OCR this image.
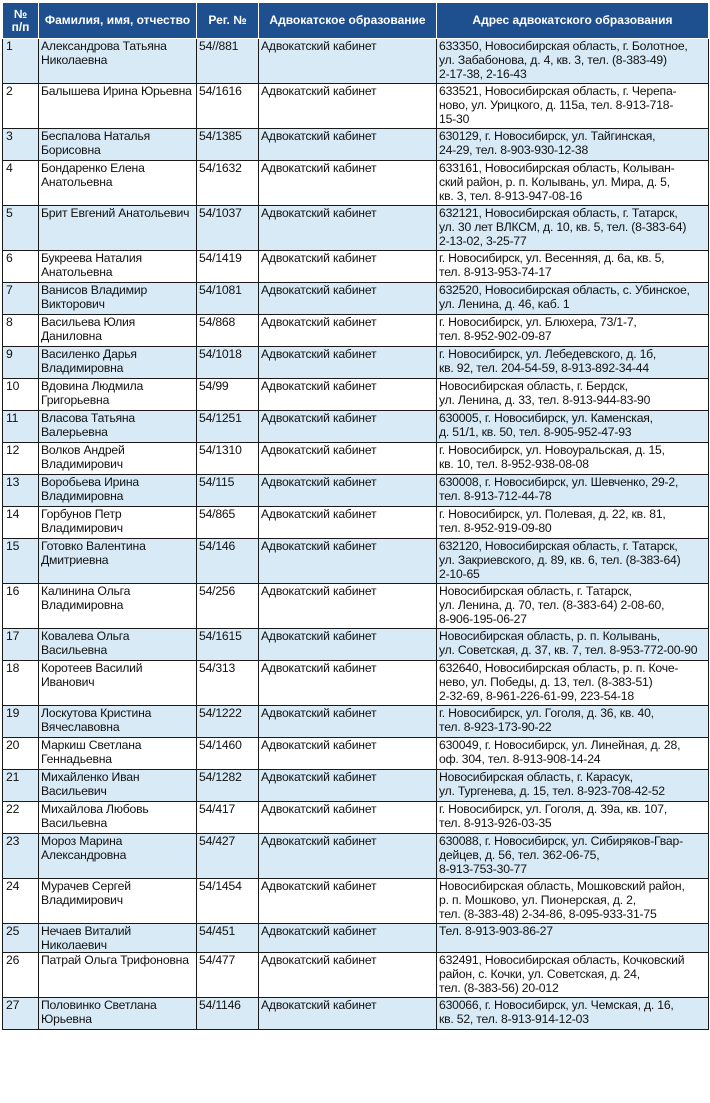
№
п/п	Фамилия, имя, отчество	Рег. №	Адвокатское образование	Адрес адвокатского образования
1	Александрова Татьяна
Николаевна	54//881	Адвокатский кабинет	633350, Новосибирская область, г. Болотное,
ул. Забабонова, д. 4, кв. 3, тел. (8-383-49)
2-17-38, 2-16-43
2	Балышева Ирина Юрьевна	54/1616	Адвокатский кабинет	633521, Новосибирская область, г. Черепа-
ново, ул. Урицкого, д. 115а, тел. 8-913-718-
15-30
3	Беспалова Наталья
Борисовна	54/1385	Адвокатский кабинет	630129, г. Новосибирск, ул. Тайгинская,
24-29, тел. 8-903-930-12-38
4	Бондаренко Елена
Анатольевна	54/1632	Адвокатский кабинет	633161, Новосибирская область, Колыван-
ский район, р. п. Колывань, ул. Мира, д. 5,
кв. 3, тел. 8-913-947-08-16
5	Брит Евгений Анатольевич	54/1037	Адвокатский кабинет	632121, Новосибирская область, г. Татарск,
ул. 30 лет ВЛКСМ, д. 10, кв. 5, тел. (8-383-64)
2-13-02, 3-25-77
6	Букреева Наталия
Анатольевна	54/1419	Адвокатский кабинет	г. Новосибирск, ул. Весенняя, д. 6а, кв. 5,
тел. 8-913-953-74-17
7	Ванисов Владимир
Викторович	54/1081	Адвокатский кабинет	632520, Новосибирская область, с. Убинское,
ул. Ленина, д. 46, каб. 1
8	Васильева Юлия
Даниловна	54/868	Адвокатский кабинет	г. Новосибирск, ул. Блюхера, 73/1-7,
тел. 8-952-902-09-87
9	Василенко Дарья
Владимировна	54/1018	Адвокатский кабинет	г. Новосибирск, ул. Лебедевского, д. 1б,
кв. 92, тел. 204-54-59, 8-913-892-34-44
10	Вдовина Людмила
Григорьевна	54/99	Адвокатский кабинет	Новосибирская область, г. Бердск,
ул. Ленина, д. 33, тел. 8-913-944-83-90
11	Власова Татьяна
Валерьевна	54/1251	Адвокатский кабинет	630005, г. Новосибирск, ул. Каменская,
д. 51/1, кв. 50, тел. 8-905-952-47-93
12	Волков Андрей
Владимирович	54/1310	Адвокатский кабинет	г. Новосибирск, ул. Новоуральская, д. 15,
кв. 10, тел. 8-952-938-08-08
13	Воробьева Ирина
Владимировна	54/115	Адвокатский кабинет	630008, г. Новосибирск, ул. Шевченко, 29-2,
тел. 8-913-712-44-78
14	Горбунов Петр
Владимирович	54/865	Адвокатский кабинет	г. Новосибирск, ул. Полевая, д. 22, кв. 81,
тел. 8-952-919-09-80
15	Готовко Валентина
Дмитриевна	54/146	Адвокатский кабинет	632120, Новосибирская область, г. Татарск,
ул. Закриевского, д. 89, кв. 6, тел. (8-383-64)
2-10-65
16	Калинина Ольга
Владимировна	54/256	Адвокатский кабинет	Новосибирская область, г. Татарск,
ул. Ленина, д. 70, тел. (8-383-64) 2-08-60,
8-906-195-06-27
17	Ковалева Ольга
Васильевна	54/1615	Адвокатский кабинет	Новосибирская область, р. п. Колывань,
ул. Советская, д. 37, кв. 7, тел. 8-953-772-00-90
18	Коротеев Василий
Иванович	54/313	Адвокатский кабинет	632640, Новосибирская область, р. п. Коче-
нево, ул. Победы, д. 13, тел. (8-383-51)
2-32-69, 8-961-226-61-99, 223-54-18
19	Лоскутова Кристина
Вячеславовна	54/1222	Адвокатский кабинет	г. Новосибирск, ул. Гоголя, д. 36, кв. 40,
тел. 8-923-173-90-22
20	Маркиш Светлана
Геннадьевна	54/1460	Адвокатский кабинет	630049, г. Новосибирск, ул. Линейная, д. 28,
оф. 304, тел. 8-913-908-14-24
21	Михайленко Иван
Васильевич	54/1282	Адвокатский кабинет	Новосибирская область, г. Карасук,
ул. Тургенева, д. 15, тел. 8-923-708-42-52
22	Михайлова Любовь
Васильевна	54/417	Адвокатский кабинет	г. Новосибирск, ул. Гоголя, д. 39а, кв. 107,
тел. 8-913-926-03-35
23	Мороз Марина
Александровна	54/427	Адвокатский кабинет	630088, г. Новосибирск, ул. Сибиряков-Гвар-
дейцев, д. 56, тел. 362-06-75,
8-913-753-30-77
24	Мурачев Сергей
Владимирович	54/1454	Адвокатский кабинет	Новосибирская область, Мошковский район,
р. п. Мошково, ул. Пионерская, д. 2,
тел. (8-383-48) 2-34-86, 8-095-933-31-75
25	Нечаев Виталий
Николаевич	54/451	Адвокатский кабинет	Тел. 8-913-903-86-27
26	Патрай Ольга Трифоновна	54/477	Адвокатский кабинет	632491, Новосибирская область, Кочковский
район, с. Кочки, ул. Советская, д. 24,
тел. (8-383-56) 20-012
27	Половинко Светлана
Юрьевна	54/1146	Адвокатский кабинет	630066, г. Новосибирск, ул. Чемская, д. 16,
кв. 52, тел. 8-913-914-12-03
